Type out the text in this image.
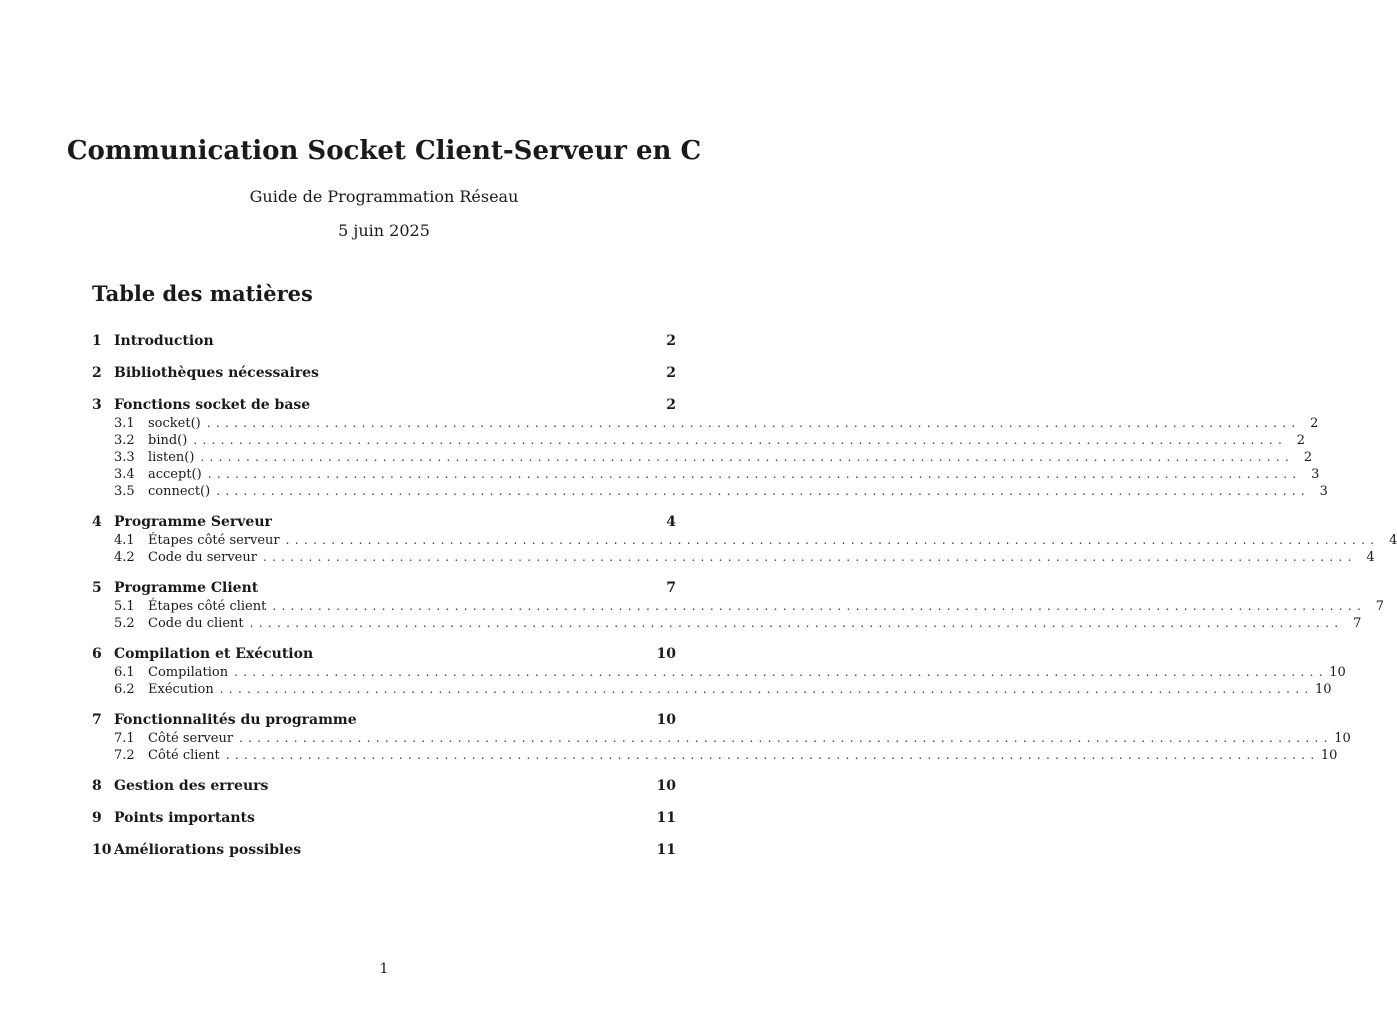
Communication Socket Client-Serveur en C
Guide de Programmation Réseau
5 juin 2025
Table des matières
1 Introduction	2
2 Bibliothèques nécessaires	2
3 Fonctions socket de base	2
3.1	socket() ........................................................................................................................ 2
3.2	bind() ........................................................................................................................ 2
3.3	listen() ........................................................................................................................ 2
3.4	accept() ........................................................................................................................ 3
3.5	connect() ........................................................................................................................ 3
4 Programme Serveur	4
4.1	Étapes côté serveur ........................................................................................................................ 4
4.2	Code du serveur ........................................................................................................................ 4
5 Programme Client	7
5.1	Étapes côté client ........................................................................................................................ 7
5.2	Code du client ........................................................................................................................ 7
6 Compilation et Exécution	10
6.1	Compilation ........................................................................................................................ 10
6.2	Exécution ........................................................................................................................ 10
7 Fonctionnalités du programme	10
7.1	Côté serveur ........................................................................................................................ 10
7.2	Côté client ........................................................................................................................ 10
8 Gestion des erreurs	10
9 Points importants	11
10 Améliorations possibles	11
1
